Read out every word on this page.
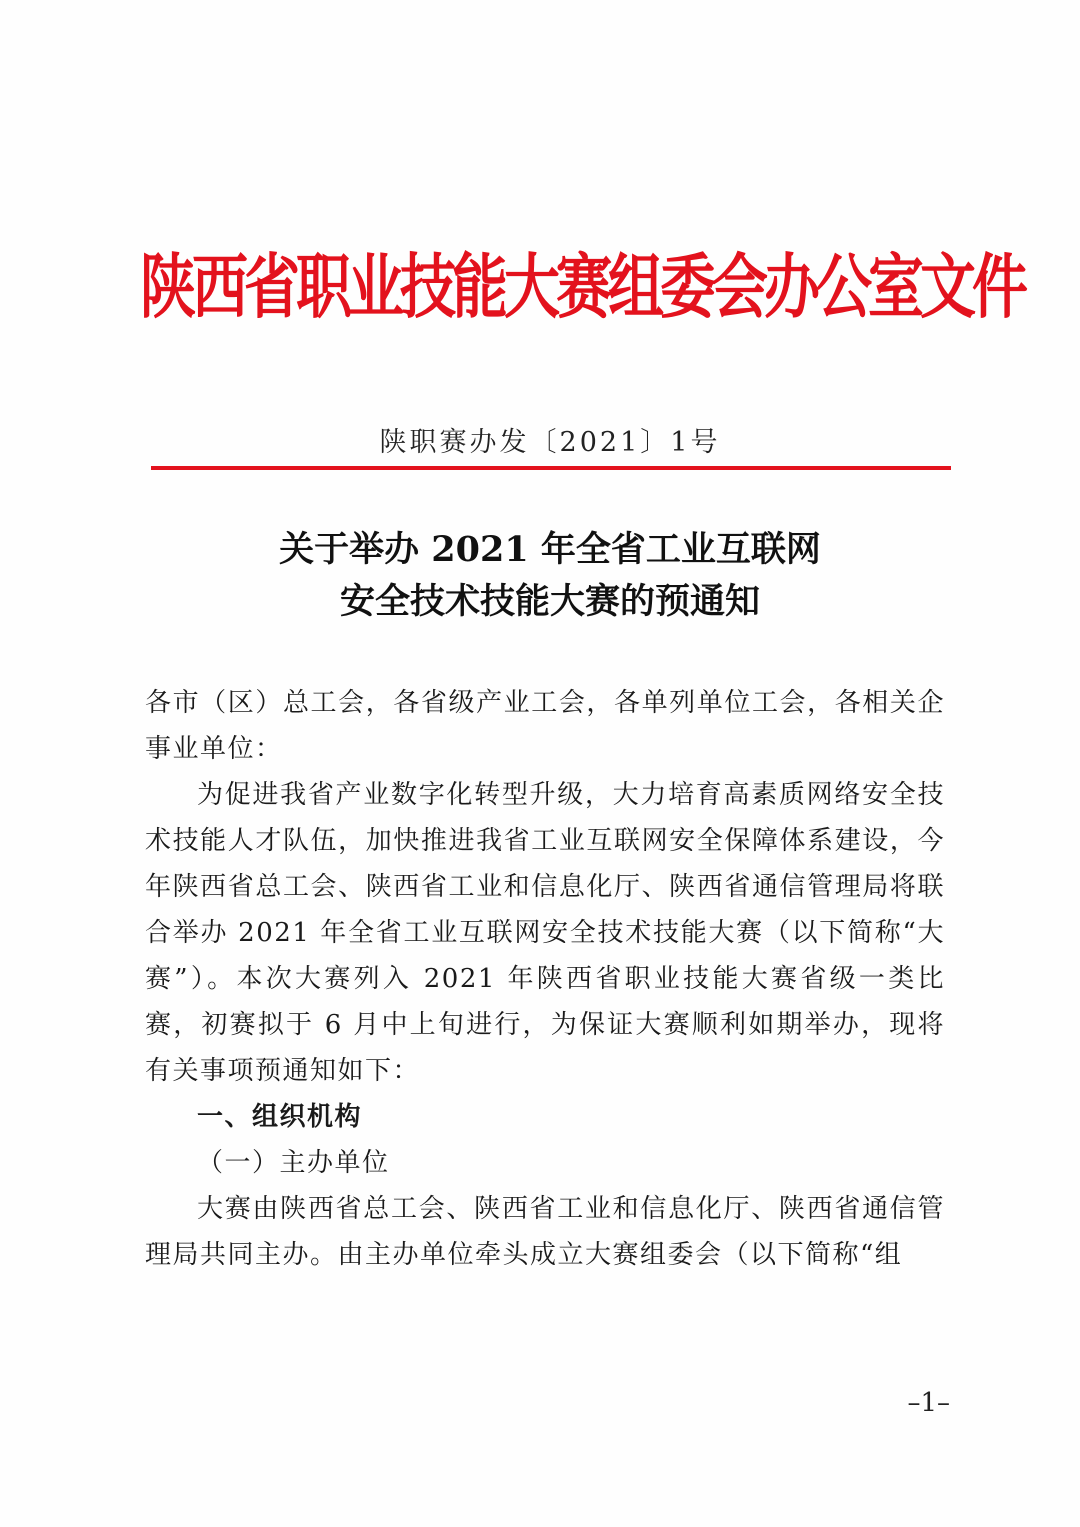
陕西省职业技能大赛组委会办公室文件
陕职赛办发〔2021〕1号
关于举办 2021 年全省工业互联网
安全技术技能大赛的预通知

各市（区）总工会，各省级产业工会，各单列单位工会，各相关企事业单位：

为促进我省产业数字化转型升级，大力培育高素质网络安全技术技能人才队伍，加快推进我省工业互联网安全保障体系建设，今年陕西省总工会、陕西省工业和信息化厅、陕西省通信管理局将联合举办 2021 年全省工业互联网安全技术技能大赛（以下简称“大赛”）。本次大赛列入 2021 年陕西省职业技能大赛省级一类比赛，初赛拟于 6 月中上旬进行，为保证大赛顺利如期举办，现将有关事项预通知如下：

一、组织机构

（一）主办单位

大赛由陕西省总工会、陕西省工业和信息化厅、陕西省通信管理局共同主办。由主办单位牵头成立大赛组委会（以下简称“组

–1–
